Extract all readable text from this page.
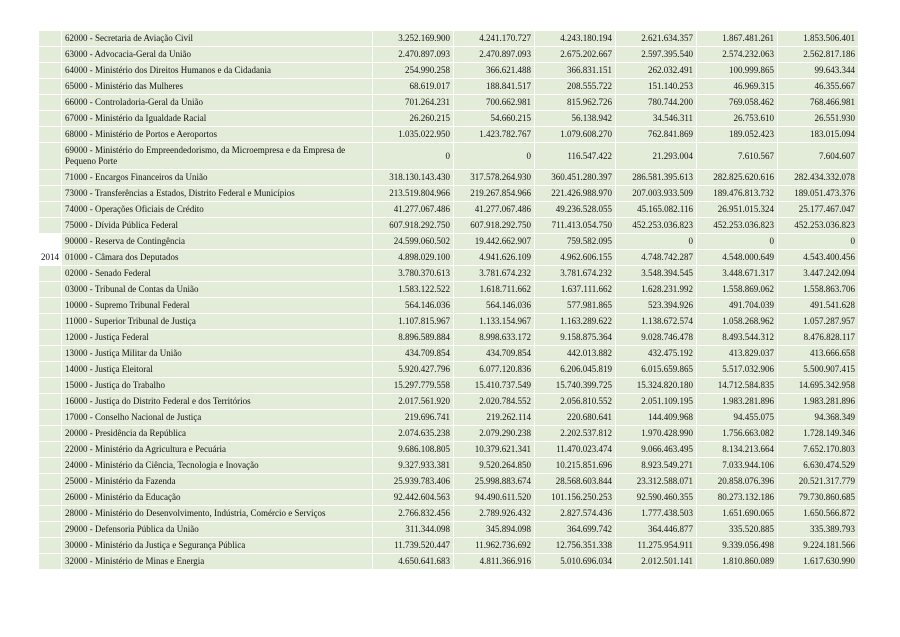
	62000 - Secretaria de Aviação Civil	3.252.169.900	4.241.170.727	4.243.180.194	2.621.634.357	1.867.481.261	1.853.506.401
	63000 - Advocacia-Geral da União	2.470.897.093	2.470.897.093	2.675.202.667	2.597.395.540	2.574.232.063	2.562.817.186
	64000 - Ministério dos Direitos Humanos e da Cidadania	254.990.258	366.621.488	366.831.151	262.032.491	100.999.865	99.643.344
	65000 - Ministério das Mulheres	68.619.017	188.841.517	208.555.722	151.140.253	46.969.315	46.355.667
	66000 - Controladoria-Geral da União	701.264.231	700.662.981	815.962.726	780.744.200	769.058.462	768.466.981
	67000 - Ministério da Igualdade Racial	26.260.215	54.660.215	56.138.942	34.546.311	26.753.610	26.551.930
	68000 - Ministério de Portos e Aeroportos	1.035.022.950	1.423.782.767	1.079.608.270	762.841.869	189.052.423	183.015.094
	69000 - Ministério do Empreendedorismo, da Microempresa e da Empresa de Pequeno Porte	0	0	116.547.422	21.293.004	7.610.567	7.604.607
	71000 - Encargos Financeiros da União	318.130.143.430	317.578.264.930	360.451.280.397	286.581.395.613	282.825.620.616	282.434.332.078
	73000 - Transferências a Estados, Distrito Federal e Municípios	213.519.804.966	219.267.854.966	221.426.988.970	207.003.933.509	189.476.813.732	189.051.473.376
	74000 - Operações Oficiais de Crédito	41.277.067.486	41.277.067.486	49.236.528.055	45.165.082.116	26.951.015.324	25.177.467.047
	75000 - Dívida Pública Federal	607.918.292.750	607.918.292.750	711.413.054.750	452.253.036.823	452.253.036.823	452.253.036.823
	90000 - Reserva de Contingência	24.599.060.502	19.442.662.907	759.582.095	0	0	0
2014	01000 - Câmara dos Deputados	4.898.029.100	4.941.626.109	4.962.606.155	4.748.742.287	4.548.000.649	4.543.400.456
	02000 - Senado Federal	3.780.370.613	3.781.674.232	3.781.674.232	3.548.394.545	3.448.671.317	3.447.242.094
	03000 - Tribunal de Contas da União	1.583.122.522	1.618.711.662	1.637.111.662	1.628.231.992	1.558.869.062	1.558.863.706
	10000 - Supremo Tribunal Federal	564.146.036	564.146.036	577.981.865	523.394.926	491.704.039	491.541.628
	11000 - Superior Tribunal de Justiça	1.107.815.967	1.133.154.967	1.163.289.622	1.138.672.574	1.058.268.962	1.057.287.957
	12000 - Justiça Federal	8.896.589.884	8.998.633.172	9.158.875.364	9.028.746.478	8.493.544.312	8.476.828.117
	13000 - Justiça Militar da União	434.709.854	434.709.854	442.013.882	432.475.192	413.829.037	413.666.658
	14000 - Justiça Eleitoral	5.920.427.796	6.077.120.836	6.206.045.819	6.015.659.865	5.517.032.906	5.500.907.415
	15000 - Justiça do Trabalho	15.297.779.558	15.410.737.549	15.740.399.725	15.324.820.180	14.712.584.835	14.695.342.958
	16000 - Justiça do Distrito Federal e dos Territórios	2.017.561.920	2.020.784.552	2.056.810.552	2.051.109.195	1.983.281.896	1.983.281.896
	17000 - Conselho Nacional de Justiça	219.696.741	219.262.114	220.680.641	144.409.968	94.455.075	94.368.349
	20000 - Presidência da República	2.074.635.238	2.079.290.238	2.202.537.812	1.970.428.990	1.756.663.082	1.728.149.346
	22000 - Ministério da Agricultura e Pecuária	9.686.108.805	10.379.621.341	11.470.023.474	9.066.463.495	8.134.213.664	7.652.170.803
	24000 - Ministério da Ciência, Tecnologia e Inovação	9.327.933.381	9.520.264.850	10.215.851.696	8.923.549.271	7.033.944.106	6.630.474.529
	25000 - Ministério da Fazenda	25.939.783.406	25.998.883.674	28.568.603.844	23.312.588.071	20.858.076.396	20.521.317.779
	26000 - Ministério da Educação	92.442.604.563	94.490.611.520	101.156.250.253	92.590.460.355	80.273.132.186	79.730.860.685
	28000 - Ministério do Desenvolvimento, Indústria, Comércio e Serviços	2.766.832.456	2.789.926.432	2.827.574.436	1.777.438.503	1.651.690.065	1.650.566.872
	29000 - Defensoria Pública da União	311.344.098	345.894.098	364.699.742	364.446.877	335.520.885	335.389.793
	30000 - Ministério da Justiça e Segurança Pública	11.739.520.447	11.962.736.692	12.756.351.338	11.275.954.911	9.339.056.498	9.224.181.566
	32000 - Ministério de Minas e Energia	4.650.641.683	4.811.366.916	5.010.696.034	2.012.501.141	1.810.860.089	1.617.630.990
